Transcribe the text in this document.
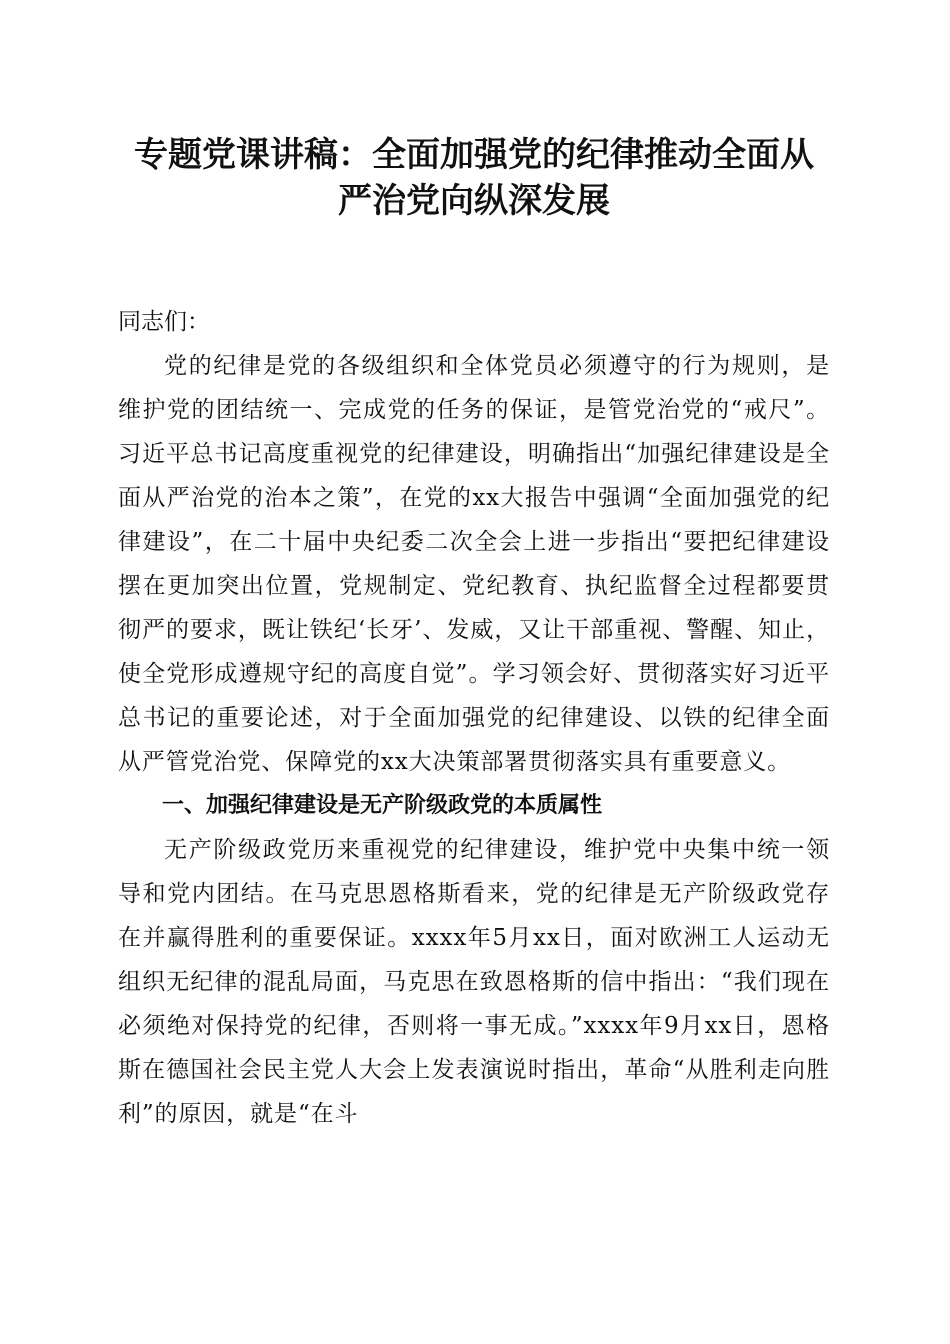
专题党课讲稿：全面加强党的纪律推动全面从
严治党向纵深发展

同志们：

党的纪律是党的各级组织和全体党员必须遵守的行为规则，是维护党的团结统一、完成党的任务的保证，是管党治党的“戒尺”。习近平总书记高度重视党的纪律建设，明确指出“加强纪律建设是全面从严治党的治本之策”，在党的xx大报告中强调“全面加强党的纪律建设”，在二十届中央纪委二次全会上进一步指出“要把纪律建设摆在更加突出位置，党规制定、党纪教育、执纪监督全过程都要贯彻严的要求，既让铁纪‘长牙’、发威，又让干部重视、警醒、知止，使全党形成遵规守纪的高度自觉”。学习领会好、贯彻落实好习近平总书记的重要论述，对于全面加强党的纪律建设、以铁的纪律全面从严管党治党、保障党的xx大决策部署贯彻落实具有重要意义。

一、加强纪律建设是无产阶级政党的本质属性

无产阶级政党历来重视党的纪律建设，维护党中央集中统一领导和党内团结。在马克思恩格斯看来，党的纪律是无产阶级政党存在并赢得胜利的重要保证。xxxx年5月xx日，面对欧洲工人运动无组织无纪律的混乱局面，马克思在致恩格斯的信中指出：“我们现在必须绝对保持党的纪律，否则将一事无成。”xxxx年9月xx日，恩格斯在德国社会民主党人大会上发表演说时指出，革命“从胜利走向胜利”的原因，就是“在斗
